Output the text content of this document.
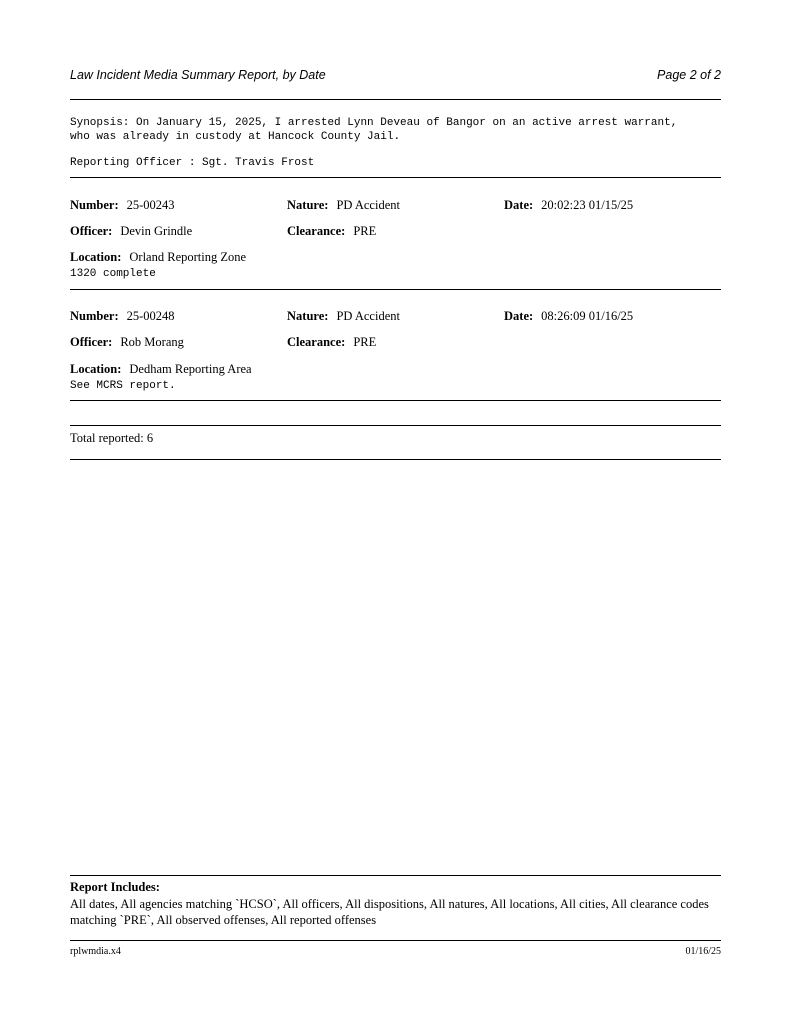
Law Incident Media Summary Report, by Date	Page 2 of 2
Synopsis: On January 15, 2025, I arrested Lynn Deveau of Bangor on an active arrest warrant,
who was already in custody at Hancock County Jail.
Reporting Officer : Sgt. Travis Frost
Number: 25-00243	Nature: PD Accident	Date: 20:02:23 01/15/25
Officer: Devin Grindle	Clearance: PRE
Location: Orland Reporting Zone
1320 complete
Number: 25-00248	Nature: PD Accident	Date: 08:26:09 01/16/25
Officer: Rob Morang	Clearance: PRE
Location: Dedham Reporting Area
See MCRS report.
Total reported: 6
Report Includes:
All dates, All agencies matching `HCSO`, All officers, All dispositions, All natures, All locations, All cities, All clearance codes matching `PRE`, All observed offenses, All reported offenses
rplwmdia.x4	01/16/25
